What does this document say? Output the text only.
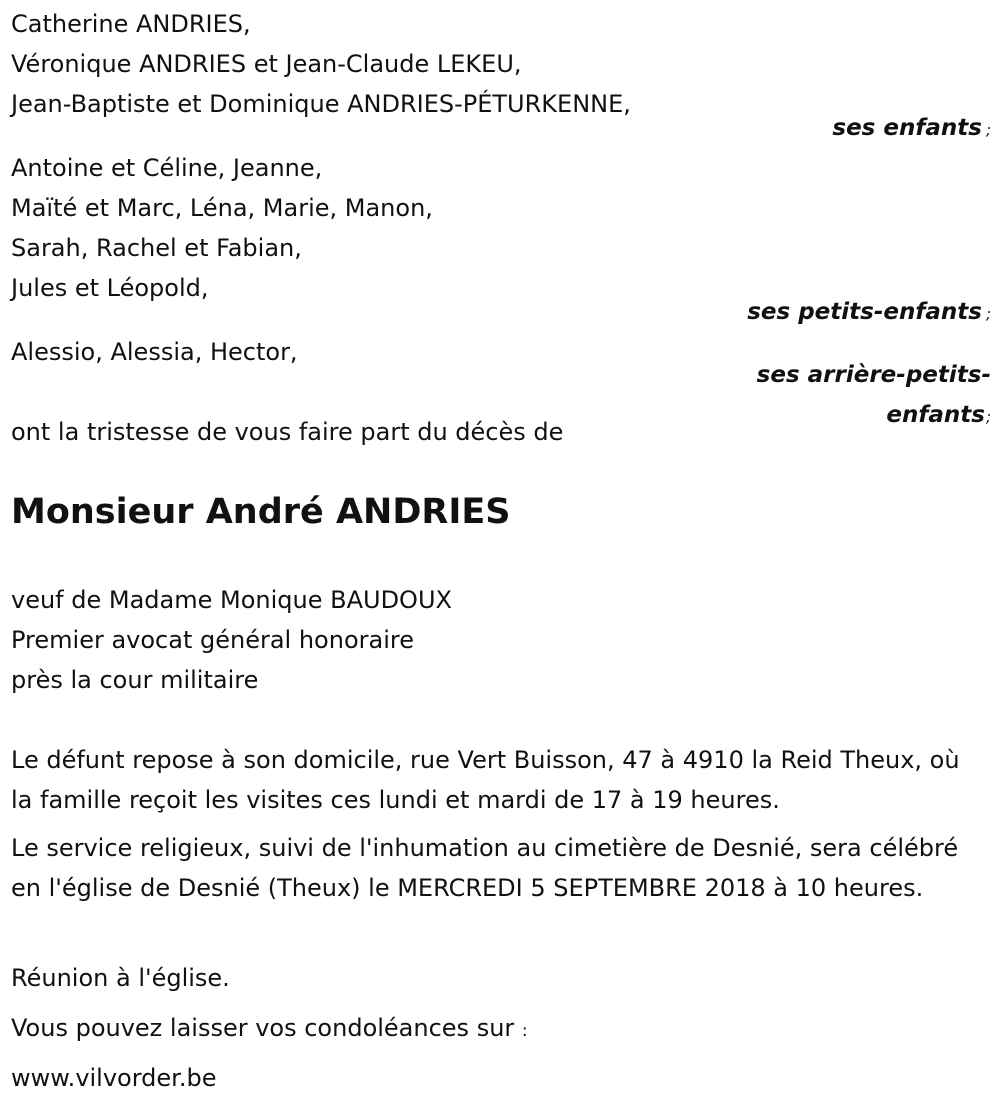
Catherine ANDRIES,
Véronique ANDRIES et Jean-Claude LEKEU,
Jean-Baptiste et Dominique ANDRIES-PÉTURKENNE,
ses enfants ;
Antoine et Céline, Jeanne,
Maïté et Marc, Léna, Marie, Manon,
Sarah, Rachel et Fabian,
Jules et Léopold,
ses petits-enfants ;
Alessio, Alessia, Hector,
ses arrière-petits-
enfants;
ont la tristesse de vous faire part du décès de
Monsieur André ANDRIES
veuf de Madame Monique BAUDOUX
Premier avocat général honoraire
près la cour militaire
Le défunt repose à son domicile, rue Vert Buisson, 47 à 4910 la Reid Theux, où la famille reçoit les visites ces lundi et mardi de 17 à 19 heures.
Le service religieux, suivi de l'inhumation au cimetière de Desnié, sera célébré en l'église de Desnié (Theux) le MERCREDI 5 SEPTEMBRE 2018 à 10 heures.
Réunion à l'église.
Vous pouvez laisser vos condoléances sur :
www.vilvorder.be
